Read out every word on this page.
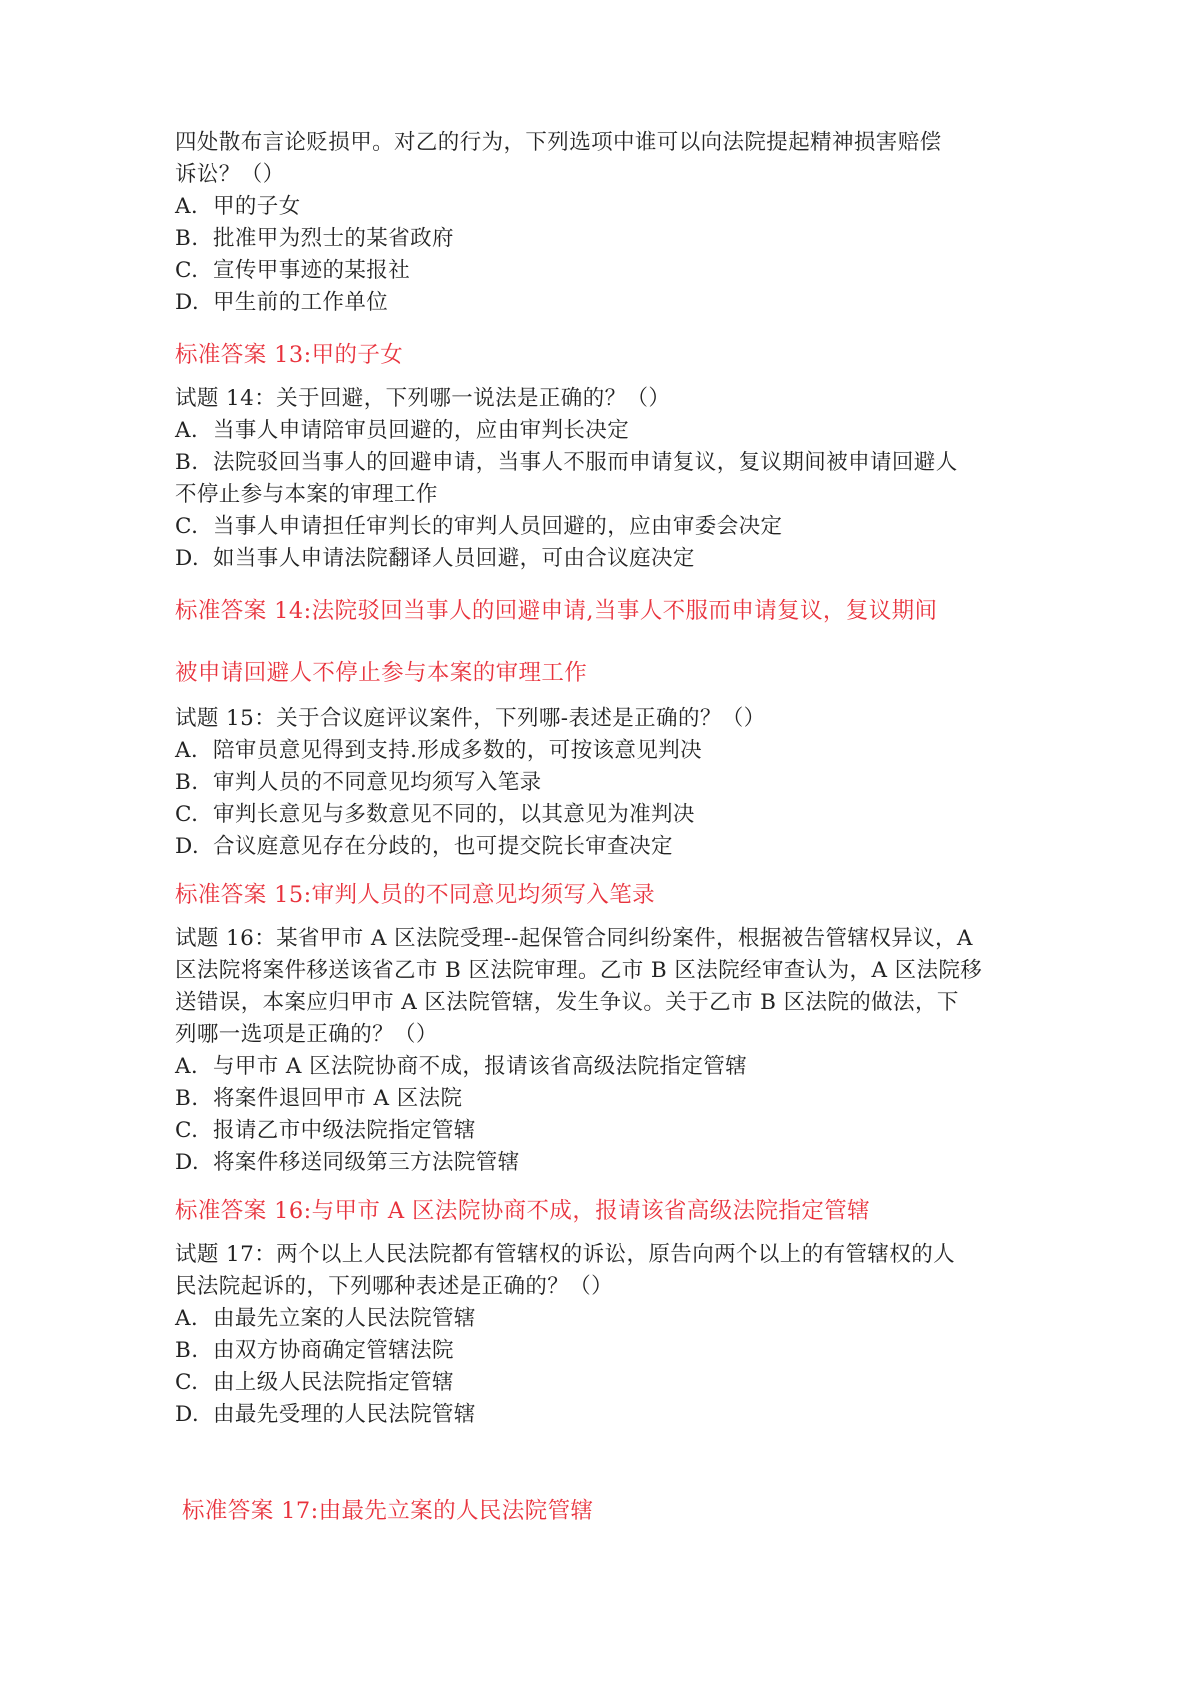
四处散布言论贬损甲。对乙的行为，下列选项中谁可以向法院提起精神损害赔偿
诉讼？（）
A. 甲的子女
B. 批准甲为烈士的某省政府
C. 宣传甲事迹的某报社
D. 甲生前的工作单位
标准答案 13:甲的子女
试题 14：关于回避，下列哪一说法是正确的？（）
A. 当事人申请陪审员回避的，应由审判长决定
B. 法院驳回当事人的回避申请，当事人不服而申请复议，复议期间被申请回避人
不停止参与本案的审理工作
C. 当事人申请担任审判长的审判人员回避的，应由审委会决定
D. 如当事人申请法院翻译人员回避，可由合议庭决定
标准答案 14:法院驳回当事人的回避申请,当事人不服而申请复议，复议期间
被申请回避人不停止参与本案的审理工作
试题 15：关于合议庭评议案件，下列哪-表述是正确的？（）
A. 陪审员意见得到支持.形成多数的，可按该意见判决
B. 审判人员的不同意见均须写入笔录
C. 审判长意见与多数意见不同的，以其意见为准判决
D. 合议庭意见存在分歧的，也可提交院长审查决定
标准答案 15:审判人员的不同意见均须写入笔录
试题 16：某省甲市 A 区法院受理--起保管合同纠纷案件，根据被告管辖权异议，A
区法院将案件移送该省乙市 B 区法院审理。乙市 B 区法院经审查认为，A 区法院移
送错误，本案应归甲市 A 区法院管辖，发生争议。关于乙市 B 区法院的做法，下
列哪一选项是正确的？（）
A. 与甲市 A 区法院协商不成，报请该省高级法院指定管辖
B. 将案件退回甲市 A 区法院
C. 报请乙市中级法院指定管辖
D. 将案件移送同级第三方法院管辖
标准答案 16:与甲市 A 区法院协商不成，报请该省高级法院指定管辖
试题 17：两个以上人民法院都有管辖权的诉讼，原告向两个以上的有管辖权的人
民法院起诉的，下列哪种表述是正确的？（）
A. 由最先立案的人民法院管辖
B. 由双方协商确定管辖法院
C. 由上级人民法院指定管辖
D. 由最先受理的人民法院管辖
标准答案 17:由最先立案的人民法院管辖
